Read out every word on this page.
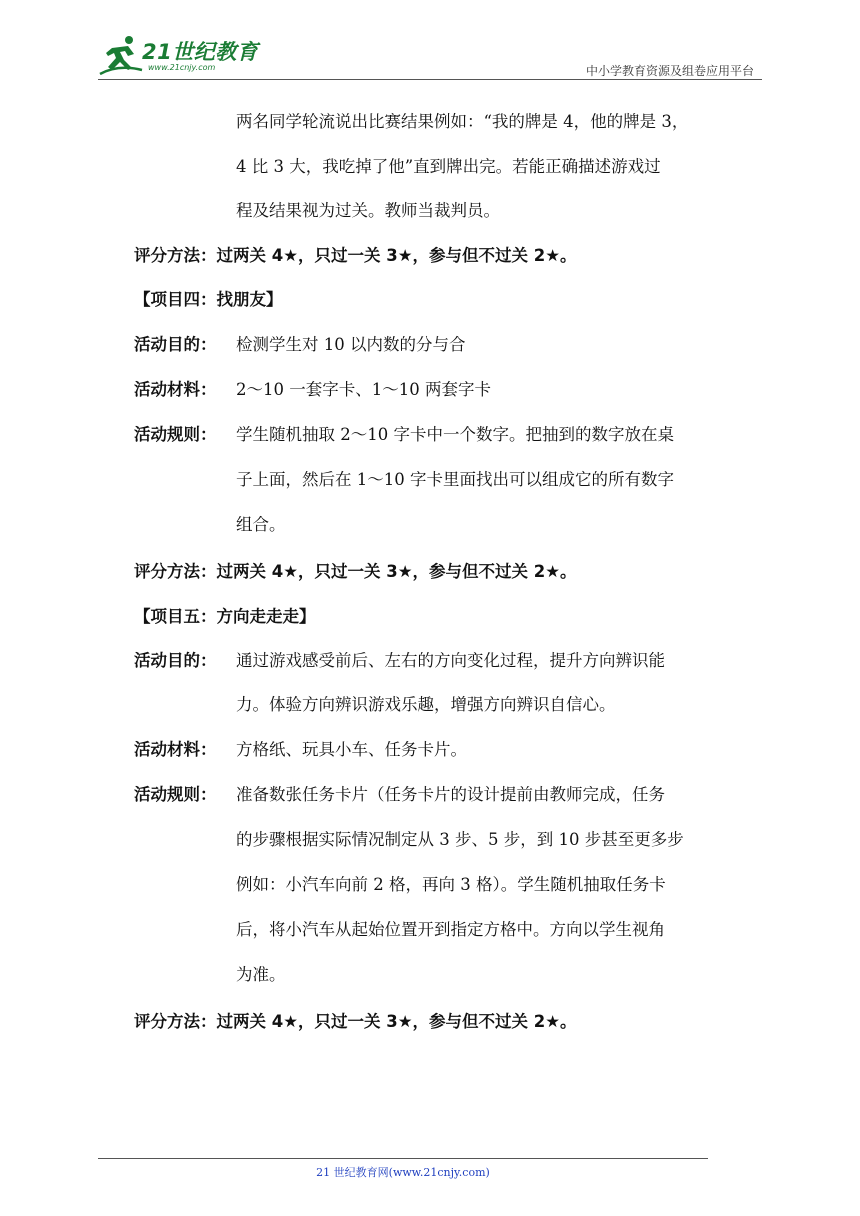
21世纪教育
www.21cnjy.com	中小学教育资源及组卷应用平台
两名同学轮流说出比赛结果例如：“我的牌是 4，他的牌是 3，
4 比 3 大，我吃掉了他”直到牌出完。若能正确描述游戏过
程及结果视为过关。教师当裁判员。
评分方法：过两关 4★，只过一关 3★，参与但不过关 2★。
【项目四：找朋友】
活动目的： 检测学生对 10 以内数的分与合
活动材料： 2～10 一套字卡、1～10 两套字卡
活动规则： 学生随机抽取 2～10 字卡中一个数字。把抽到的数字放在桌
子上面，然后在 1～10 字卡里面找出可以组成它的所有数字
组合。
评分方法：过两关 4★，只过一关 3★，参与但不过关 2★。
【项目五：方向走走走】
活动目的： 通过游戏感受前后、左右的方向变化过程，提升方向辨识能
力。体验方向辨识游戏乐趣，增强方向辨识自信心。
活动材料： 方格纸、玩具小车、任务卡片。
活动规则： 准备数张任务卡片（任务卡片的设计提前由教师完成，任务
的步骤根据实际情况制定从 3 步、5 步，到 10 步甚至更多步
例如：小汽车向前 2 格，再向 3 格）。学生随机抽取任务卡
后，将小汽车从起始位置开到指定方格中。方向以学生视角
为准。
评分方法：过两关 4★，只过一关 3★，参与但不过关 2★。
21 世纪教育网(www.21cnjy.com)
